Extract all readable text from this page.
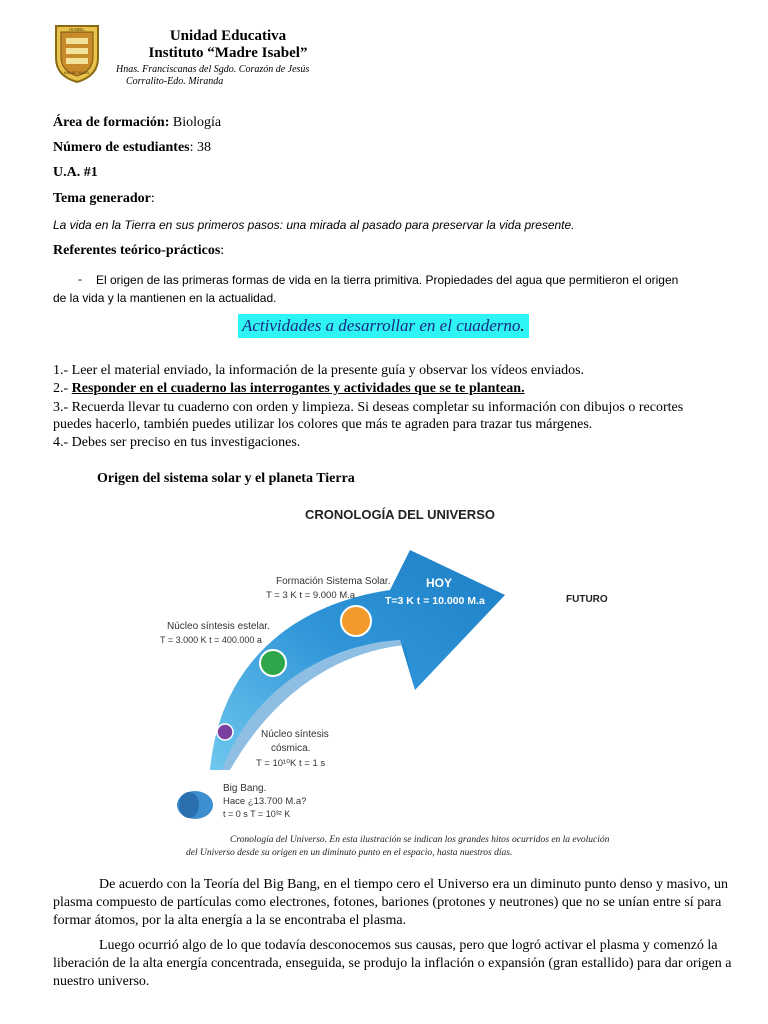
ISABEL
MADRE ISABEL
Unidad Educativa
Instituto “Madre Isabel”
Hnas. Franciscanas del Sgdo. Corazón de Jesús
Corralito-Edo. Miranda
Área de formación: Biología
Número de estudiantes: 38
U.A. #1
Tema generador:
La vida en la Tierra en sus primeros pasos: una mirada al pasado para preservar la vida presente.
Referentes teórico-prácticos:
- El origen de las primeras formas de vida en la tierra primitiva. Propiedades del agua que permitieron el origen
de la vida y la mantienen en la actualidad.
Actividades a desarrollar en el cuaderno.
1.- Leer el material enviado, la información de la presente guía y observar los vídeos enviados.
2.- Responder en el cuaderno las interrogantes y actividades que se te plantean.
3.- Recuerda llevar tu cuaderno con orden y limpieza. Si deseas completar su información con dibujos o recortes
puedes hacerlo, también puedes utilizar los colores que más te agraden para trazar tus márgenes.
4.- Debes ser preciso en tus investigaciones.
Origen del sistema solar y el planeta Tierra
CRONOLOGÍA DEL UNIVERSO
HOY
T=3 K t = 10.000 M.a	FUTURO
Formación Sistema Solar.
T = 3 K t = 9.000 M.a
Núcleo síntesis estelar.
T = 3.000 K t = 400.000 a
Núcleo síntesis
cósmica.
T = 10¹⁰K t = 1 s
Big Bang.
Hace ¿13.700 M.a?
t = 0 s T = 10³² K
Cronología del Universo. En esta ilustración se indican los grandes hitos ocurridos en la evolución
del Universo desde su origen en un diminuto punto en el espacio, hasta nuestros días.
De acuerdo con la Teoría del Big Bang, en el tiempo cero el Universo era un diminuto punto denso y masivo, un
plasma compuesto de partículas como electrones, fotones, bariones (protones y neutrones) que no se unían entre sí para
formar átomos, por la alta energía a la se encontraba el plasma.
Luego ocurrió algo de lo que todavía desconocemos sus causas, pero que logró activar el plasma y comenzó la
liberación de la alta energía concentrada, enseguida, se produjo la inflación o expansión (gran estallido) para dar origen a
nuestro universo.
